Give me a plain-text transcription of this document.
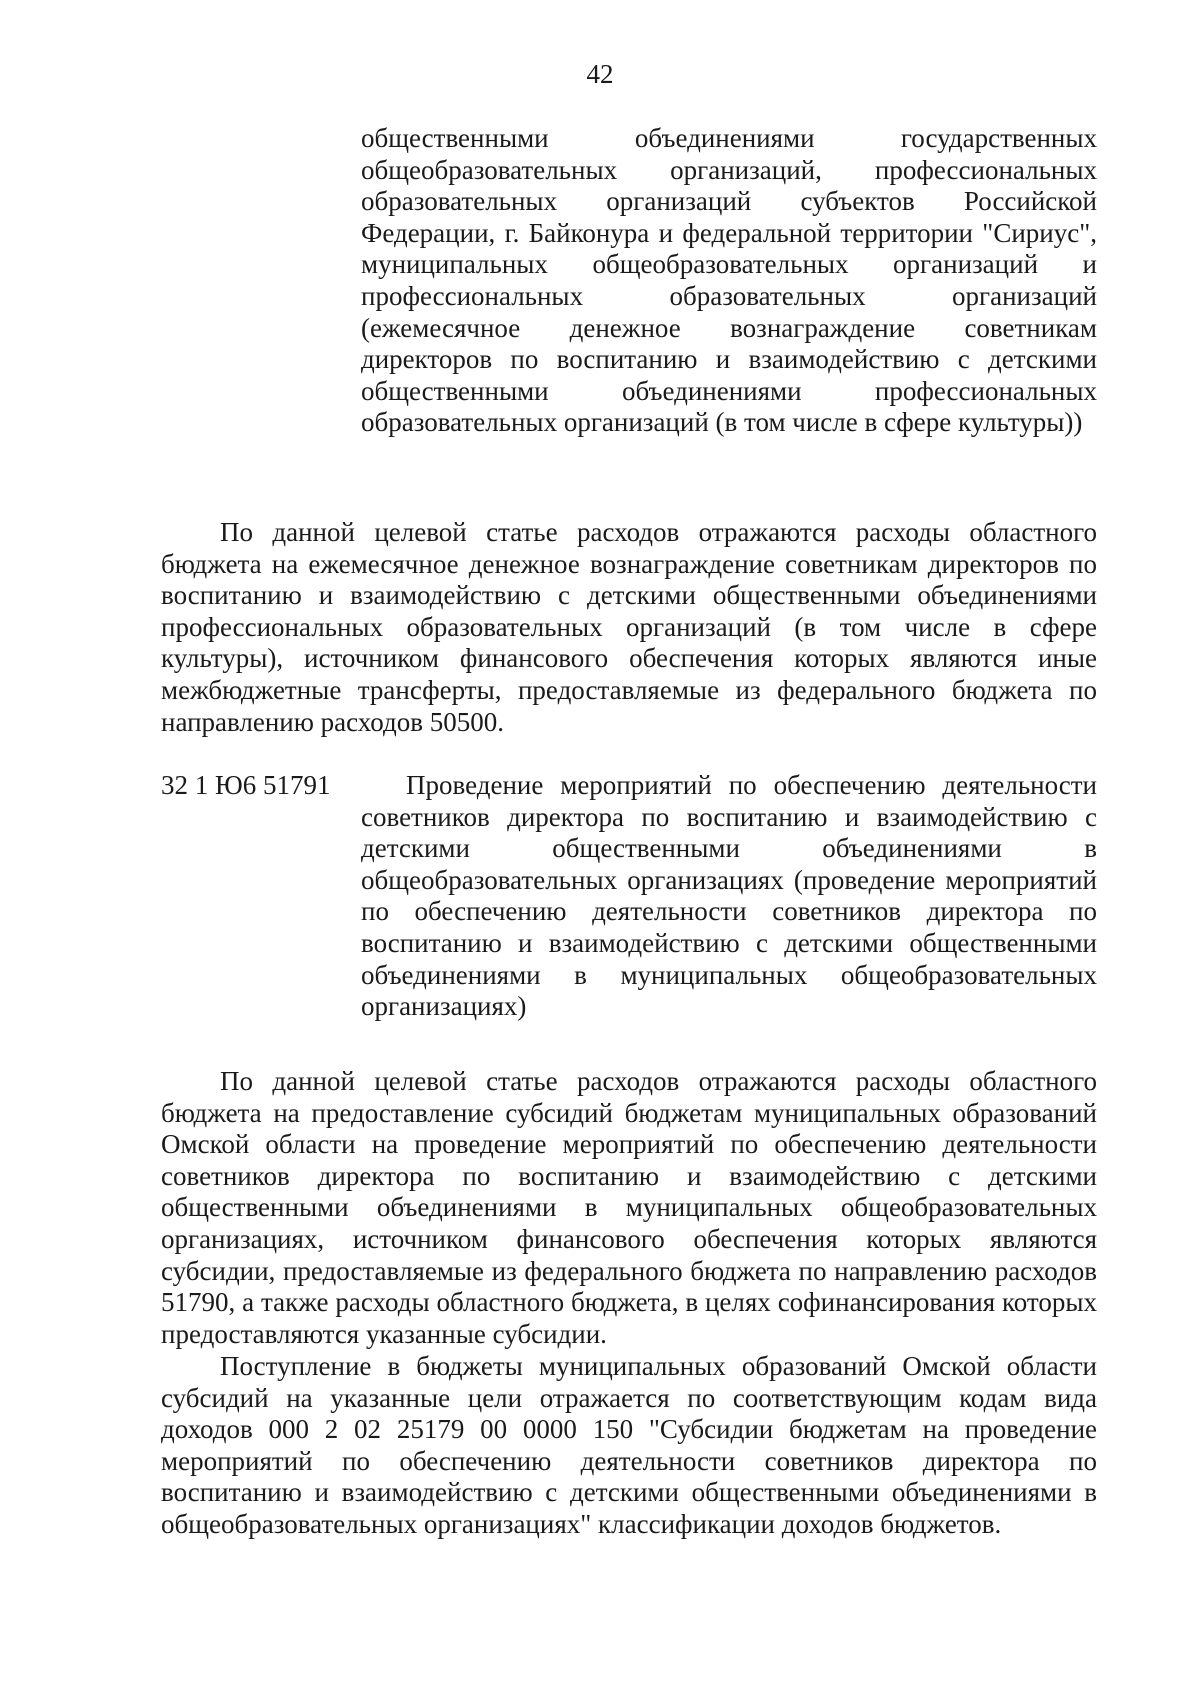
42

общественными объединениями государственных общеобразовательных организаций, профессиональных образовательных организаций субъектов Российской Федерации, г. Байконура и федеральной территории "Сириус", муниципальных общеобразовательных организаций и профессиональных образовательных организаций (ежемесячное денежное вознаграждение советникам директоров по воспитанию и взаимодействию с детскими общественными объединениями профессиональных образовательных организаций (в том числе в сфере культуры))

По данной целевой статье расходов отражаются расходы областного бюджета на ежемесячное денежное вознаграждение советникам директоров по воспитанию и взаимодействию с детскими общественными объединениями профессиональных образовательных организаций (в том числе в сфере культуры), источником финансового обеспечения которых являются иные межбюджетные трансферты, предоставляемые из федерального бюджета по направлению расходов 50500.

32 1 Ю6 51791	Проведение мероприятий по обеспечению деятельности советников директора по воспитанию и взаимодействию с детскими общественными объединениями в общеобразовательных организациях (проведение мероприятий по обеспечению деятельности советников директора по воспитанию и взаимодействию с детскими общественными объединениями в муниципальных общеобразовательных организациях)

По данной целевой статье расходов отражаются расходы областного бюджета на предоставление субсидий бюджетам муниципальных образований Омской области на проведение мероприятий по обеспечению деятельности советников директора по воспитанию и взаимодействию с детскими общественными объединениями в муниципальных общеобразовательных организациях, источником финансового обеспечения которых являются субсидии, предоставляемые из федерального бюджета по направлению расходов 51790, а также расходы областного бюджета, в целях софинансирования которых предоставляются указанные субсидии.

Поступление в бюджеты муниципальных образований Омской области субсидий на указанные цели отражается по соответствующим кодам вида доходов 000 2 02 25179 00 0000 150 "Субсидии бюджетам на проведение мероприятий по обеспечению деятельности советников директора по воспитанию и взаимодействию с детскими общественными объединениями в общеобразовательных организациях" классификации доходов бюджетов.
